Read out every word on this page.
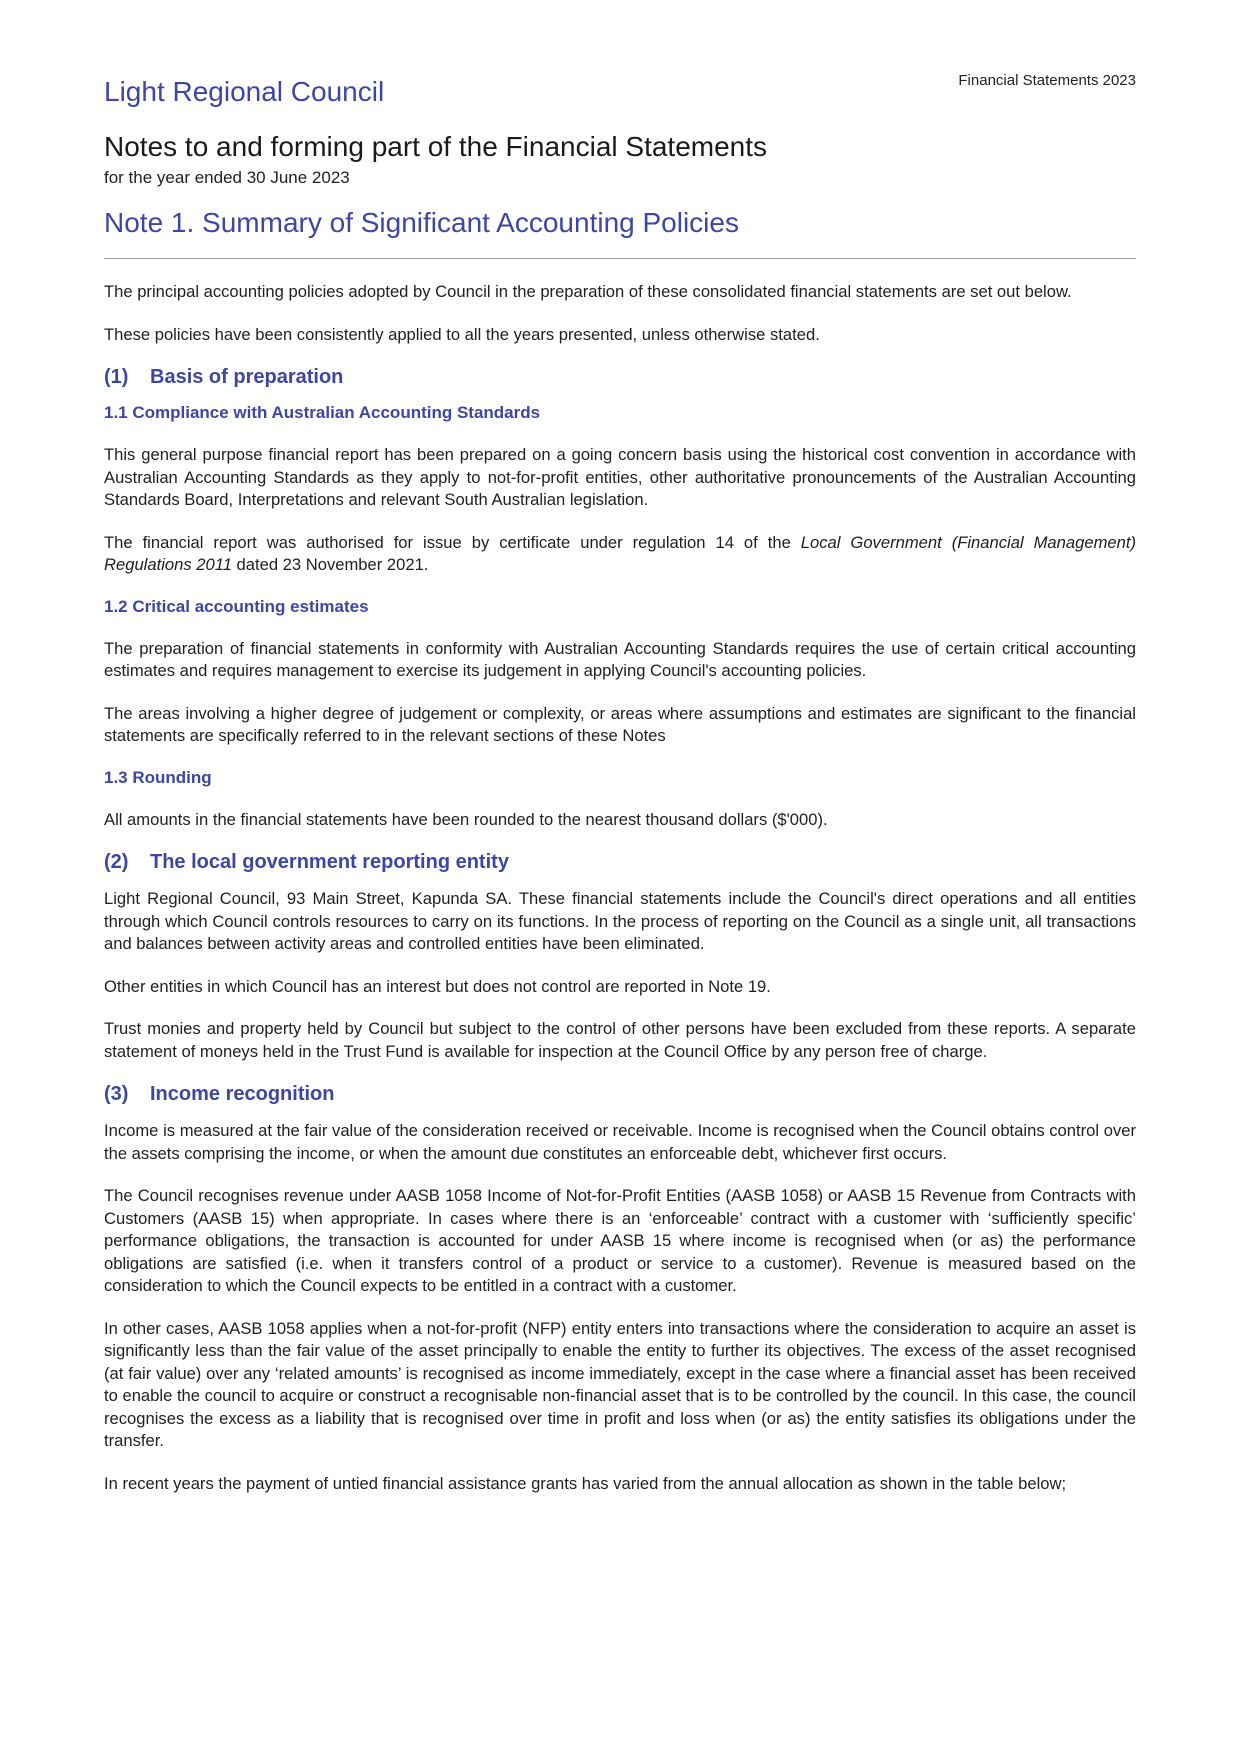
Financial Statements 2023
Light Regional Council
Notes to and forming part of the Financial Statements
for the year ended 30 June 2023
Note 1. Summary of Significant Accounting Policies

The principal accounting policies adopted by Council in the preparation of these consolidated financial statements are set out below.

These policies have been consistently applied to all the years presented, unless otherwise stated.

(1) Basis of preparation
1.1 Compliance with Australian Accounting Standards

This general purpose financial report has been prepared on a going concern basis using the historical cost convention in accordance with Australian Accounting Standards as they apply to not-for-profit entities, other authoritative pronouncements of the Australian Accounting Standards Board, Interpretations and relevant South Australian legislation.

The financial report was authorised for issue by certificate under regulation 14 of the Local Government (Financial Management) Regulations 2011 dated 23 November 2021.

1.2 Critical accounting estimates

The preparation of financial statements in conformity with Australian Accounting Standards requires the use of certain critical accounting estimates and requires management to exercise its judgement in applying Council's accounting policies.

The areas involving a higher degree of judgement or complexity, or areas where assumptions and estimates are significant to the financial statements are specifically referred to in the relevant sections of these Notes

1.3 Rounding

All amounts in the financial statements have been rounded to the nearest thousand dollars ($'000).

(2) The local government reporting entity

Light Regional Council, 93 Main Street, Kapunda SA. These financial statements include the Council's direct operations and all entities through which Council controls resources to carry on its functions. In the process of reporting on the Council as a single unit, all transactions and balances between activity areas and controlled entities have been eliminated.

Other entities in which Council has an interest but does not control are reported in Note 19.

Trust monies and property held by Council but subject to the control of other persons have been excluded from these reports. A separate statement of moneys held in the Trust Fund is available for inspection at the Council Office by any person free of charge.

(3) Income recognition

Income is measured at the fair value of the consideration received or receivable. Income is recognised when the Council obtains control over the assets comprising the income, or when the amount due constitutes an enforceable debt, whichever first occurs.

The Council recognises revenue under AASB 1058 Income of Not-for-Profit Entities (AASB 1058) or AASB 15 Revenue from Contracts with Customers (AASB 15) when appropriate. In cases where there is an ‘enforceable’ contract with a customer with ‘sufficiently specific’ performance obligations, the transaction is accounted for under AASB 15 where income is recognised when (or as) the performance obligations are satisfied (i.e. when it transfers control of a product or service to a customer). Revenue is measured based on the consideration to which the Council expects to be entitled in a contract with a customer.

In other cases, AASB 1058 applies when a not-for-profit (NFP) entity enters into transactions where the consideration to acquire an asset is significantly less than the fair value of the asset principally to enable the entity to further its objectives. The excess of the asset recognised (at fair value) over any ‘related amounts’ is recognised as income immediately, except in the case where a financial asset has been received to enable the council to acquire or construct a recognisable non-financial asset that is to be controlled by the council. In this case, the council recognises the excess as a liability that is recognised over time in profit and loss when (or as) the entity satisfies its obligations under the transfer.

In recent years the payment of untied financial assistance grants has varied from the annual allocation as shown in the table below;
